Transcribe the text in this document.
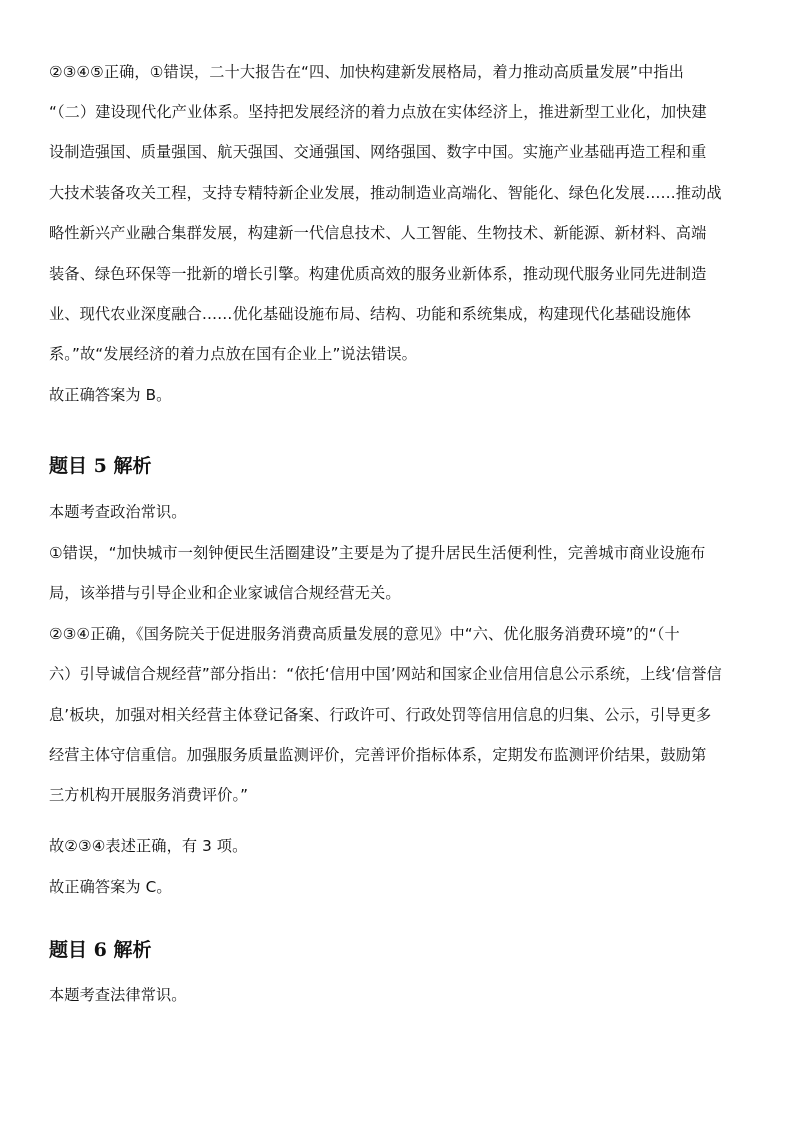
②③④⑤正确，①错误，二十大报告在“四、加快构建新发展格局，着力推动高质量发展”中指出
“（二）建设现代化产业体系。坚持把发展经济的着力点放在实体经济上，推进新型工业化，加快建
设制造强国、质量强国、航天强国、交通强国、网络强国、数字中国。实施产业基础再造工程和重
大技术装备攻关工程，支持专精特新企业发展，推动制造业高端化、智能化、绿色化发展……推动战
略性新兴产业融合集群发展，构建新一代信息技术、人工智能、生物技术、新能源、新材料、高端
装备、绿色环保等一批新的增长引擎。构建优质高效的服务业新体系，推动现代服务业同先进制造
业、现代农业深度融合……优化基础设施布局、结构、功能和系统集成，构建现代化基础设施体
系。”故“发展经济的着力点放在国有企业上”说法错误。
故正确答案为 B。
题目 5 解析
本题考查政治常识。
①错误，“加快城市一刻钟便民生活圈建设”主要是为了提升居民生活便利性，完善城市商业设施布
局，该举措与引导企业和企业家诚信合规经营无关。
②③④正确，《国务院关于促进服务消费高质量发展的意见》中“六、优化服务消费环境”的“（十
六）引导诚信合规经营”部分指出：“依托‘信用中国’网站和国家企业信用信息公示系统，上线‘信誉信
息’板块，加强对相关经营主体登记备案、行政许可、行政处罚等信用信息的归集、公示，引导更多
经营主体守信重信。加强服务质量监测评价，完善评价指标体系，定期发布监测评价结果，鼓励第
三方机构开展服务消费评价。”
故②③④表述正确，有 3 项。
故正确答案为 C。
题目 6 解析
本题考查法律常识。
